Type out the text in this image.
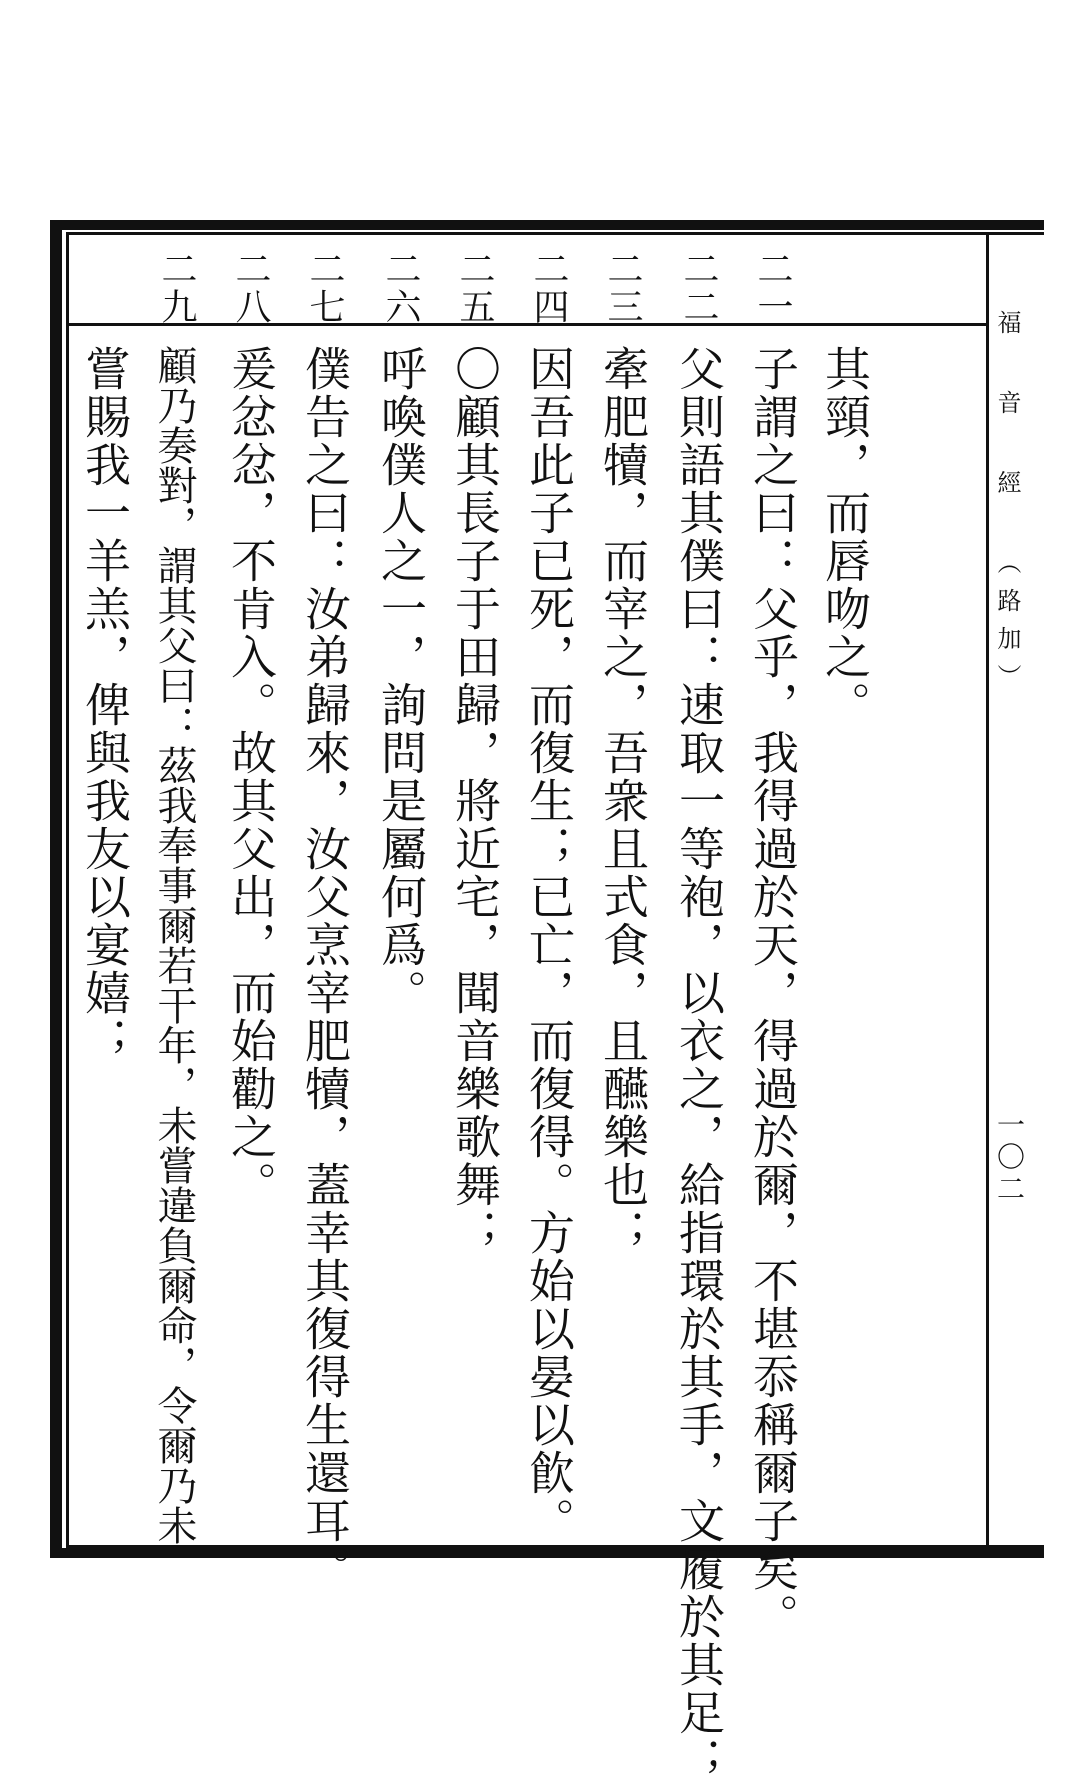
福 音 經 （路加）
一〇二
二一
二二
二三
二四
二五
二六
二七
二八
二九
其頸，而唇吻之。
子謂之曰：父乎，我得過於天，得過於爾，不堪忝稱爾子矣。
父則語其僕曰：速取一等袍，以衣之，給指環於其手，文履於其足；
牽肥犢，而宰之，吾衆且式食，且醼樂也；
因吾此子已死，而復生；已亡，而復得。方始以晏以飮。
〇顧其長子于田歸，將近宅，聞音樂歌舞；
呼喚僕人之一，詢問是屬何爲。
僕告之曰：汝弟歸來，汝父烹宰肥犢，蓋幸其復得生還耳。
爰忿忿，不肯入。故其父出，而始勸之。
顧乃奏對，謂其父曰：茲我奉事爾若干年，未嘗違負爾命，令爾乃未
嘗賜我一羊羔，俾與我友以宴嬉；
